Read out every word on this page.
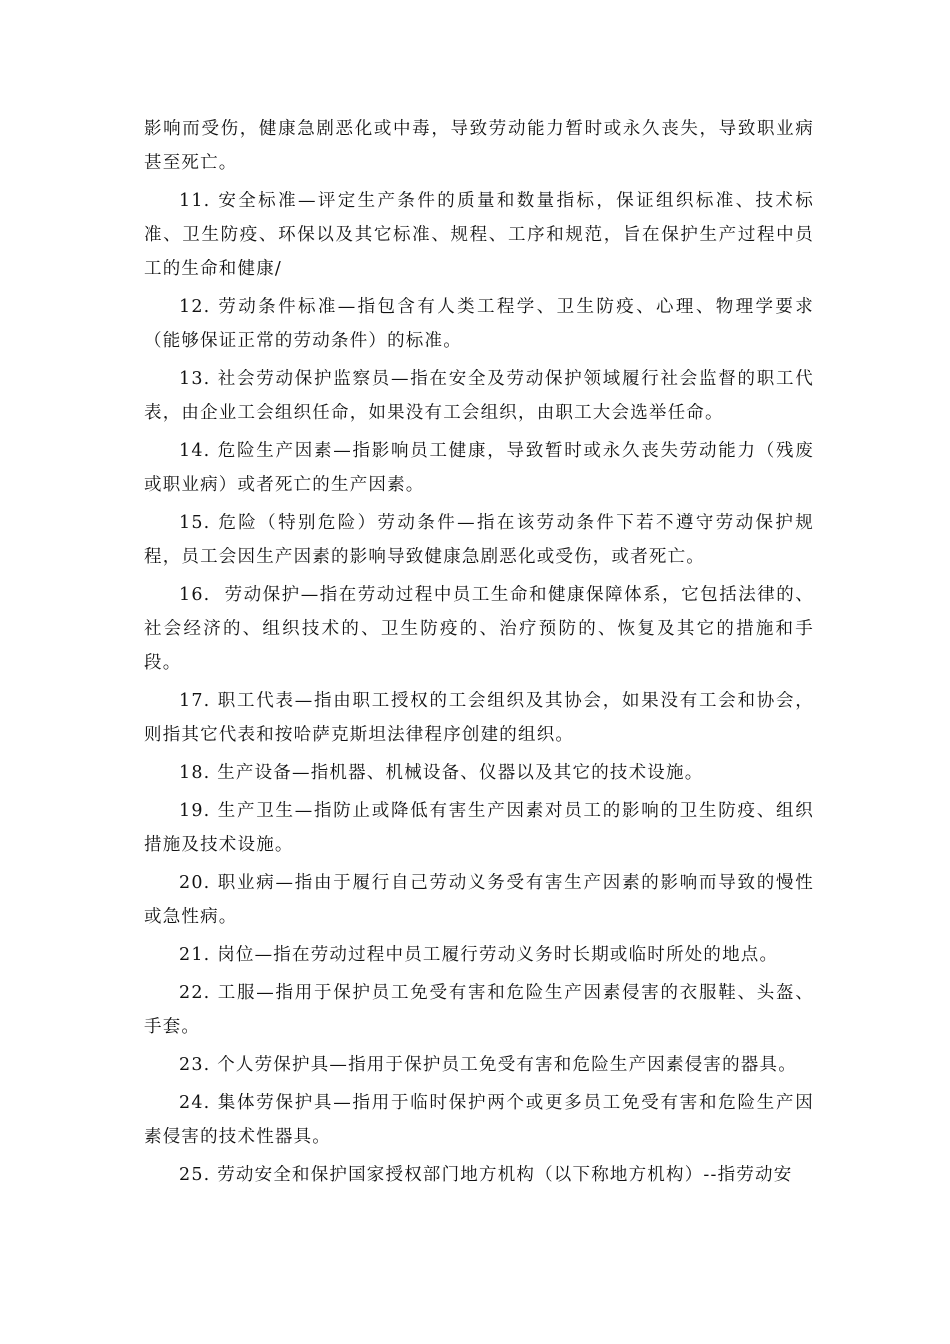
影响而受伤，健康急剧恶化或中毒，导致劳动能力暂时或永久丧失，导致职业病甚至死亡。

11. 安全标准—评定生产条件的质量和数量指标，保证组织标准、技术标准、卫生防疫、环保以及其它标准、规程、工序和规范，旨在保护生产过程中员工的生命和健康/

12. 劳动条件标准—指包含有人类工程学、卫生防疫、心理、物理学要求（能够保证正常的劳动条件）的标准。

13. 社会劳动保护监察员—指在安全及劳动保护领域履行社会监督的职工代表，由企业工会组织任命，如果没有工会组织，由职工大会选举任命。

14. 危险生产因素—指影响员工健康，导致暂时或永久丧失劳动能力（残废或职业病）或者死亡的生产因素。

15. 危险（特别危险）劳动条件—指在该劳动条件下若不遵守劳动保护规程，员工会因生产因素的影响导致健康急剧恶化或受伤，或者死亡。

16.  劳动保护—指在劳动过程中员工生命和健康保障体系，它包括法律的、社会经济的、组织技术的、卫生防疫的、治疗预防的、恢复及其它的措施和手段。

17. 职工代表—指由职工授权的工会组织及其协会，如果没有工会和协会，则指其它代表和按哈萨克斯坦法律程序创建的组织。

18. 生产设备—指机器、机械设备、仪器以及其它的技术设施。

19. 生产卫生—指防止或降低有害生产因素对员工的影响的卫生防疫、组织措施及技术设施。

20. 职业病—指由于履行自己劳动义务受有害生产因素的影响而导致的慢性或急性病。

21. 岗位—指在劳动过程中员工履行劳动义务时长期或临时所处的地点。

22. 工服—指用于保护员工免受有害和危险生产因素侵害的衣服鞋、头盔、手套。

23. 个人劳保护具—指用于保护员工免受有害和危险生产因素侵害的器具。

24. 集体劳保护具—指用于临时保护两个或更多员工免受有害和危险生产因素侵害的技术性器具。

25. 劳动安全和保护国家授权部门地方机构（以下称地方机构）--指劳动安
